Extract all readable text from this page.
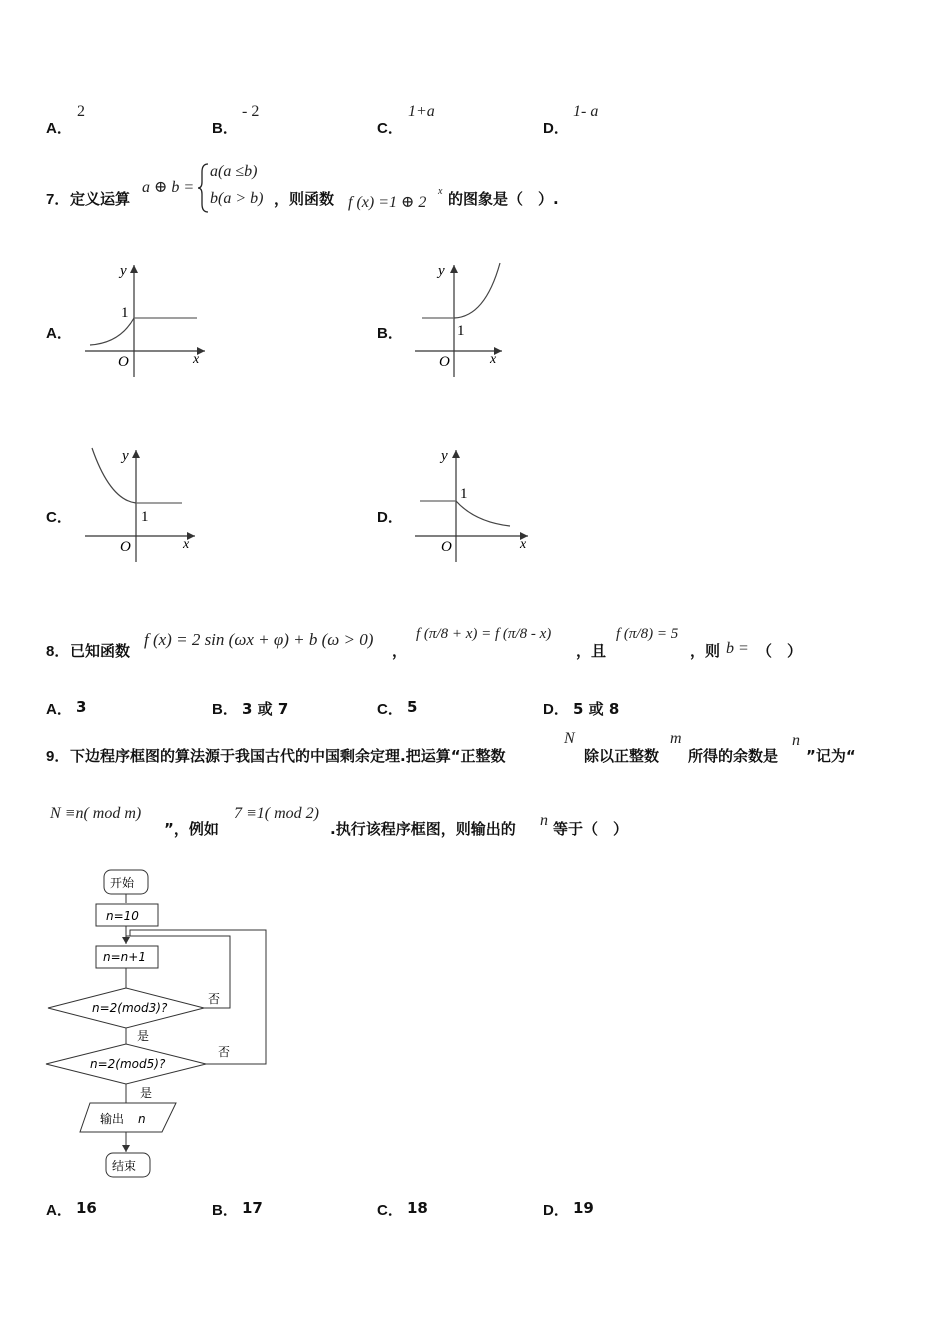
A．
2
B．
- 2
C．
1+a
D．
1- a
7． 定义运算
a ⊕ b =
a(a ≤b)
b(a > b) ，则函数 f (x) =1 ⊕ 2
x 的图象是（　）.
A．
y
x
O
1
B．
y
x
O
1
C．
y
x
O
1	D．
y
x
O
1
8． 已知函数
f (x) = 2 sin (ωx + φ) + b (ω > 0)
，
f (π/8 + x) = f (π/8 - x)
，且
f (π/8) = 5
，则 b = （　）
A． 3	B． 3 或 7	C． 5	D． 5 或 8
9． 下边程序框图的算法源于我国古代的中国剩余定理.把运算“正整数
N
除以正整数
m
所得的余数是
n
”记为“
N ≡n( mod m)
”，例如
7 ≡1( mod 2)
.执行该程序框图，则输出的 n 等于（　）
开始
n=10
n=n+1
n=2(mod3)?
是
否
n=2(mod5)?
是
否
输出 n
结束
A． 16	B． 17	C． 18	D． 19
